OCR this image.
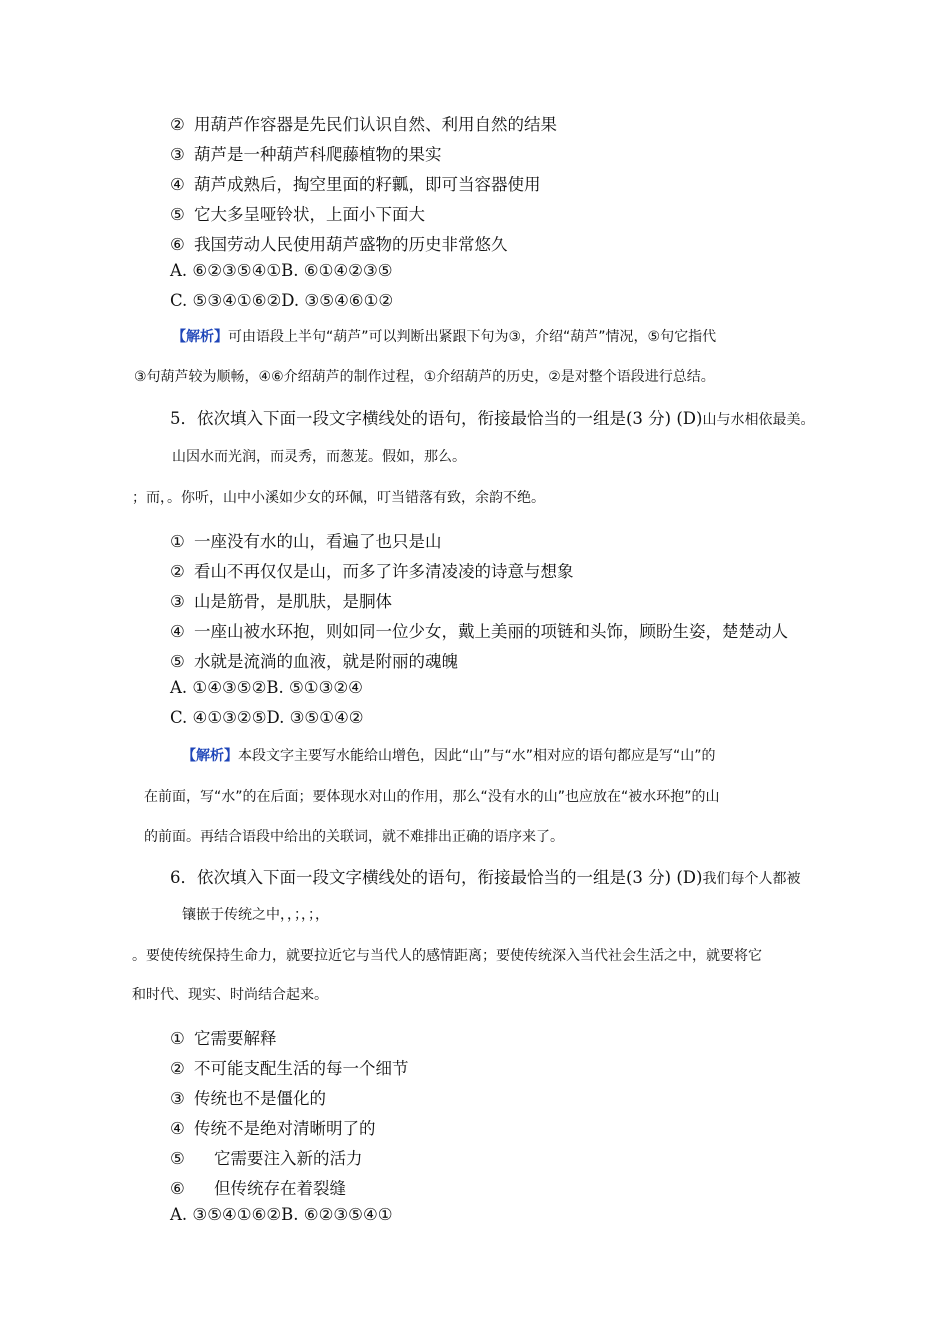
② 用葫芦作容器是先民们认识自然、利用自然的结果
③ 葫芦是一种葫芦科爬藤植物的果实
④ 葫芦成熟后，掏空里面的籽瓤，即可当容器使用
⑤ 它大多呈哑铃状，上面小下面大
⑥ 我国劳动人民使用葫芦盛物的历史非常悠久
A. ⑥②③⑤④①B. ⑥①④②③⑤
C. ⑤③④①⑥②D. ③⑤④⑥①②
【解析】可由语段上半句“葫芦”可以判断出紧跟下句为③，介绍“葫芦”情况，⑤句它指代
③句葫芦较为顺畅，④⑥介绍葫芦的制作过程，①介绍葫芦的历史，②是对整个语段进行总结。
5．依次填入下面一段文字横线处的语句，衔接最恰当的一组是(3 分) (D)山与水相依最美。
山因水而光润，而灵秀，而葱茏。假如，那么。
；而，。你听，山中小溪如少女的环佩，叮当错落有致，余韵不绝。
① 一座没有水的山，看遍了也只是山
② 看山不再仅仅是山，而多了许多清凌凌的诗意与想象
③ 山是筋骨，是肌肤，是胴体
④ 一座山被水环抱，则如同一位少女，戴上美丽的项链和头饰，顾盼生姿，楚楚动人
⑤ 水就是流淌的血液，就是附丽的魂魄
A. ①④③⑤②B. ⑤①③②④
C. ④①③②⑤D. ③⑤①④②
【解析】本段文字主要写水能给山增色，因此“山”与“水”相对应的语句都应是写“山”的
在前面，写“水”的在后面；要体现水对山的作用，那么“没有水的山”也应放在“被水环抱”的山
的前面。再结合语段中给出的关联词，就不难排出正确的语序来了。
6．依次填入下面一段文字横线处的语句，衔接最恰当的一组是(3 分) (D)我们每个人都被
镶嵌于传统之中，，；，；，
。要使传统保持生命力，就要拉近它与当代人的感情距离；要使传统深入当代社会生活之中，就要将它
和时代、现实、时尚结合起来。
① 它需要解释
② 不可能支配生活的每一个细节
③ 传统也不是僵化的
④ 传统不是绝对清晰明了的
⑤ 它需要注入新的活力
⑥ 但传统存在着裂缝
A. ③⑤④①⑥②B. ⑥②③⑤④①
